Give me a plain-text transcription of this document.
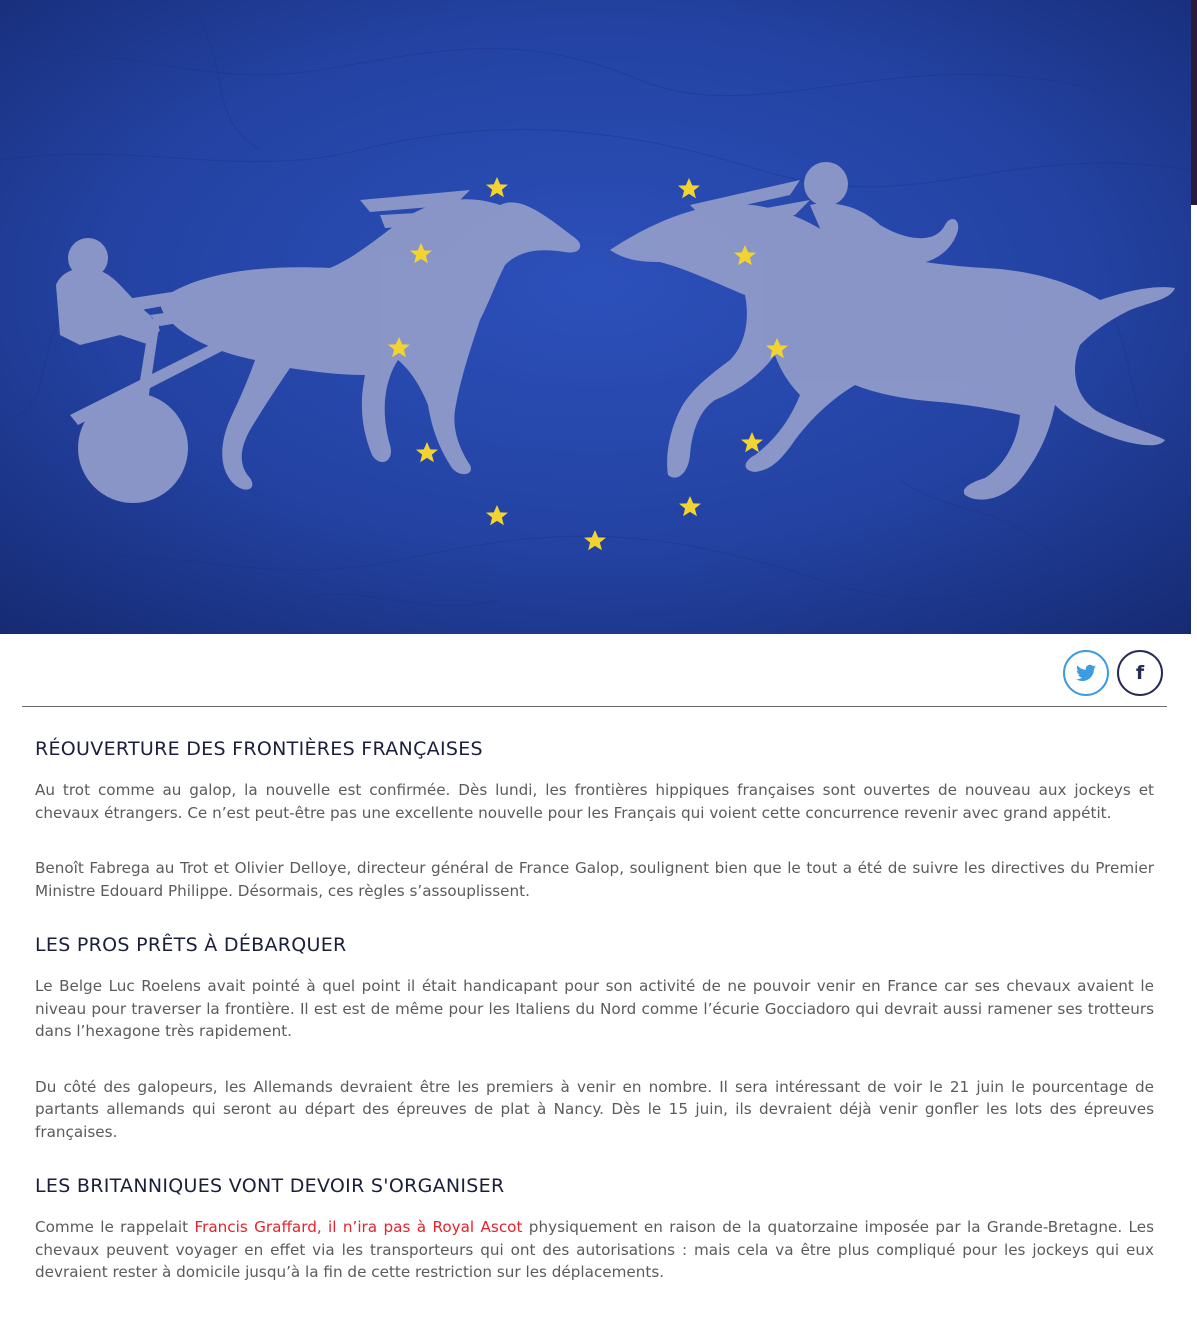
f
RÉOUVERTURE DES FRONTIÈRES FRANÇAISES

Au trot comme au galop, la nouvelle est confirmée. Dès lundi, les frontières hippiques françaises sont ouvertes de nouveau aux jockeys et chevaux étrangers. Ce n’est peut-être pas une excellente nouvelle pour les Français qui voient cette concurrence revenir avec grand appétit.

Benoît Fabrega au Trot et Olivier Delloye, directeur général de France Galop, soulignent bien que le tout a été de suivre les directives du Premier Ministre Edouard Philippe. Désormais, ces règles s’assouplissent.

LES PROS PRÊTS À DÉBARQUER

Le Belge Luc Roelens avait pointé à quel point il était handicapant pour son activité de ne pouvoir venir en France car ses chevaux avaient le niveau pour traverser la frontière. Il est est de même pour les Italiens du Nord comme l’écurie Gocciadoro qui devrait aussi ramener ses trotteurs dans l’hexagone très rapidement.

Du côté des galopeurs, les Allemands devraient être les premiers à venir en nombre. Il sera intéressant de voir le 21 juin le pourcentage de partants allemands qui seront au départ des épreuves de plat à Nancy. Dès le 15 juin, ils devraient déjà venir gonfler les lots des épreuves françaises.

LES BRITANNIQUES VONT DEVOIR S'ORGANISER

Comme le rappelait Francis Graffard, il n’ira pas à Royal Ascot physiquement en raison de la quatorzaine imposée par la Grande-Bretagne. Les chevaux peuvent voyager en effet via les transporteurs qui ont des autorisations : mais cela va être plus compliqué pour les jockeys qui eux devraient rester à domicile jusqu’à la fin de cette restriction sur les déplacements.
